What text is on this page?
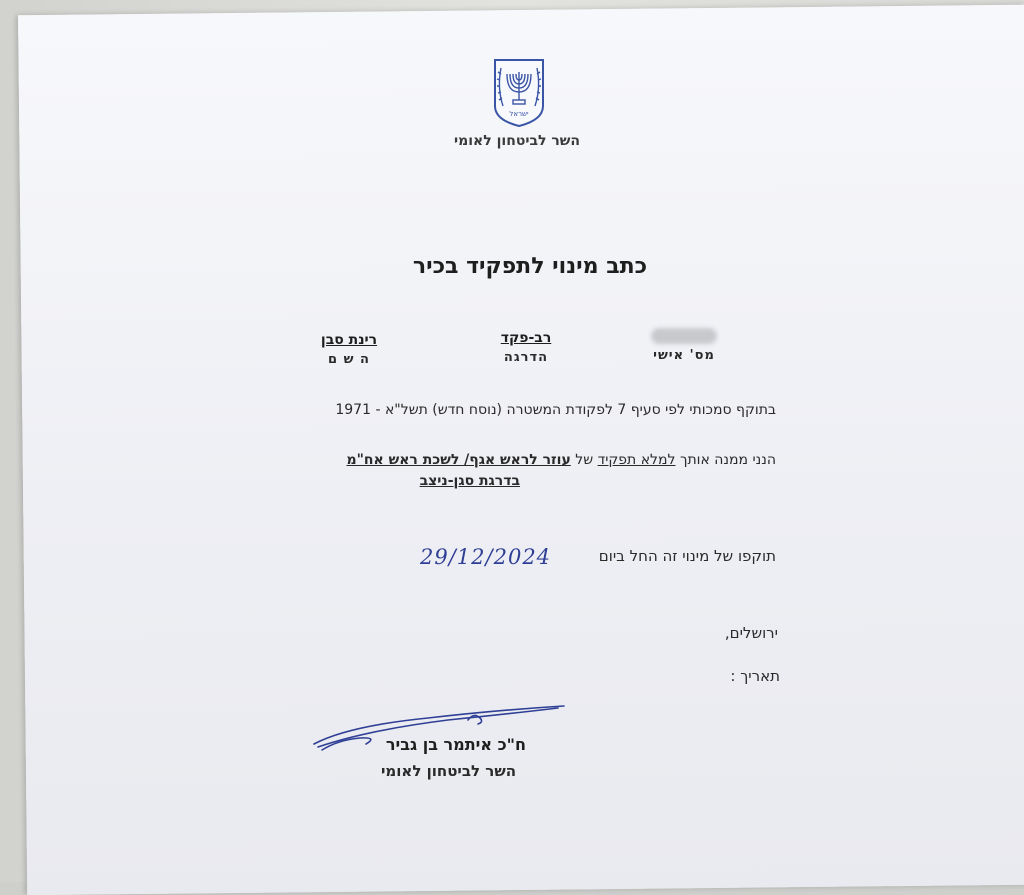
ישראל
השר לביטחון לאומי
כתב מינוי לתפקיד בכיר
מס' אישי
רב-פקד
הדרגה
רינת סבן
ה ש ם
בתוקף סמכותי לפי סעיף 7 לפקודת המשטרה (נוסח חדש) תשל"א - 1971
הנני ממנה אותך למלא תפקיד של עוזר לראש אגף/ לשכת ראש אח"מ
בדרגת סגן-ניצב
תוקפו של מינוי זה החל ביום
29/12/2024
ירושלים,
תאריך :
ח"כ איתמר בן גביר
השר לביטחון לאומי
